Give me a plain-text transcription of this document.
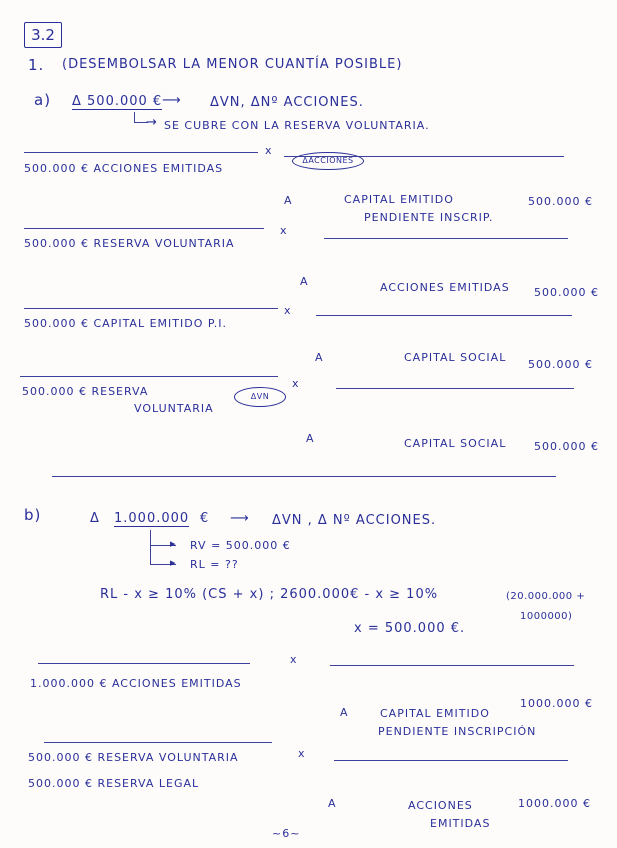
3.2
1. (DESEMBOLSAR LA MENOR CUANTÍA POSIBLE)
a) Δ 500.000 € ⟶ ΔVN, ΔNº ACCIONES.
→ SE CUBRE CON LA RESERVA VOLUNTARIA.
x
500.000 € ACCIONES EMITIDAS
ΔACCIONES
A	CAPITAL EMITIDO
PENDIENTE INSCRIP.
500.000 €
x
500.000 € RESERVA VOLUNTARIA
A	ACCIONES EMITIDAS 500.000 €
x
500.000 € CAPITAL EMITIDO P.I.
A	CAPITAL SOCIAL
500.000 €
x
500.000 € RESERVA
VOLUNTARIA
ΔVN
A	CAPITAL SOCIAL	500.000 €
b)	Δ 1.000.000 € ⟶ ΔVN , Δ Nº ACCIONES.
▸
▸
RV = 500.000 €
RL = ??
RL - x ≥ 10% (CS + x) ; 2600.000€ - x ≥ 10%	(20.000.000 +
1000000)
x = 500.000 €.
x
1.000.000 € ACCIONES EMITIDAS
1000.000 €
A	CAPITAL EMITIDO
PENDIENTE INSCRIPCIÓN
x
500.000 € RESERVA VOLUNTARIA
500.000 € RESERVA LEGAL
A	ACCIONES
EMITIDAS
1000.000 €
~6~
